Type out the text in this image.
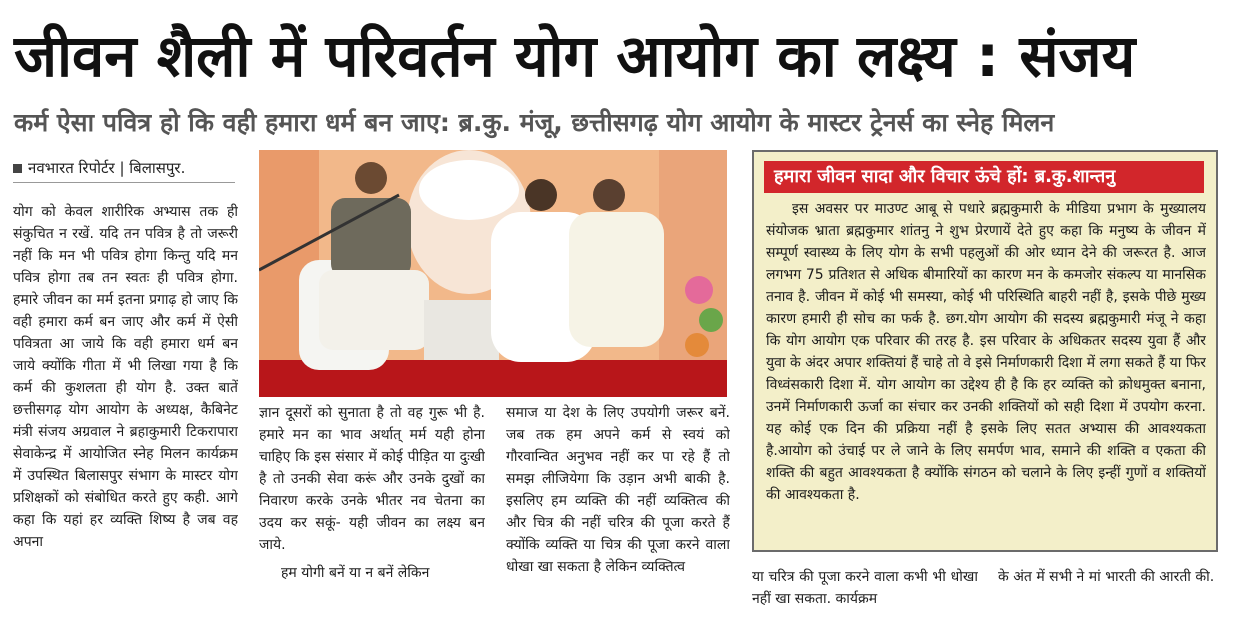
जीवन शैली में परिवर्तन योग आयोग का लक्ष्य : संजय
कर्म ऐसा पवित्र हो कि वही हमारा धर्म बन जाए: ब्र.कु. मंजू, छत्तीसगढ़ योग आयोग के मास्टर ट्रेनर्स का स्नेह मिलन
नवभारत रिपोर्टर | बिलासपुर.

योग को केवल शारीरिक अभ्यास तक ही संकुचित न रखें. यदि तन पवित्र है तो जरूरी नहीं कि मन भी पवित्र होगा किन्तु यदि मन पवित्र होगा तब तन स्वतः ही पवित्र होगा. हमारे जीवन का मर्म इतना प्रगाढ़ हो जाए कि वही हमारा कर्म बन जाए और कर्म में ऐसी पवित्रता आ जाये कि वही हमारा धर्म बन जाये क्योंकि गीता में भी लिखा गया है कि कर्म की कुशलता ही योग है. उक्त बातें छत्तीसगढ़ योग आयोग के अध्यक्ष, कैबिनेट मंत्री संजय अग्रवाल ने ब्रहाकुमारी टिकरापारा सेवाकेन्द्र में आयोजित स्नेह मिलन कार्यक्रम में उपस्थित बिलासपुर संभाग के मास्टर योग प्रशिक्षकों को संबोधित करते हुए कही. आगे कहा कि यहां हर व्यक्ति शिष्य है जब वह अपना

ज्ञान दूसरों को सुनाता है तो वह गुरू भी है. हमारे मन का भाव अर्थात् मर्म यही होना चाहिए कि इस संसार में कोई पीड़ित या दुःखी है तो उनकी सेवा करूं और उनके दुखों का निवारण करके उनके भीतर नव चेतना का उदय कर सकूं- यही जीवन का लक्ष्य बन जाये.

हम योगी बनें या न बनें लेकिन

समाज या देश के लिए उपयोगी जरूर बनें. जब तक हम अपने कर्म से स्वयं को गौरवान्वित अनुभव नहीं कर पा रहे हैं तो समझ लीजियेगा कि उड़ान अभी बाकी है. इसलिए हम व्यक्ति की नहीं व्यक्तित्व की और चित्र की नहीं चरित्र की पूजा करते हैं क्योंकि व्यक्ति या चित्र की पूजा करने वाला धोखा खा सकता है लेकिन व्यक्तित्व

हमारा जीवन सादा और विचार ऊंचे हों: ब्र.कु.शान्तनु

इस अवसर पर माउण्ट आबू से पधारे ब्रह्मकुमारी के मीडिया प्रभाग के मुख्यालय संयोजक भ्राता ब्रह्मकुमार शांतनु ने शुभ प्रेरणायें देते हुए कहा कि मनुष्य के जीवन में सम्पूर्ण स्वास्थ्य के लिए योग के सभी पहलुओं की ओर ध्यान देने की जरूरत है. आज लगभग 75 प्रतिशत से अधिक बीमारियों का कारण मन के कमजोर संकल्प या मानसिक तनाव है. जीवन में कोई भी समस्या, कोई भी परिस्थिति बाहरी नहीं है, इसके पीछे मुख्य कारण हमारी ही सोच का फर्क है. छग.योग आयोग की सदस्य ब्रह्मकुमारी मंजू ने कहा कि योग आयोग एक परिवार की तरह है. इस परिवार के अधिकतर सदस्य युवा हैं और युवा के अंदर अपार शक्तियां हैं चाहे तो वे इसे निर्माणकारी दिशा में लगा सकते हैं या फिर विध्वंसकारी दिशा में. योग आयोग का उद्देश्य ही है कि हर व्यक्ति को क्रोधमुक्त बनाना, उनमें निर्माणकारी ऊर्जा का संचार कर उनकी शक्तियों को सही दिशा में उपयोग करना. यह कोई एक दिन की प्रक्रिया नहीं है इसके लिए सतत अभ्यास की आवश्यकता है.आयोग को उंचाई पर ले जाने के लिए समर्पण भाव, समाने की शक्ति व एकता की शक्ति की बहुत आवश्यकता है क्योंकि संगठन को चलाने के लिए इन्हीं गुणों व शक्तियों की आवश्यकता है.

या चरित्र की पूजा करने वाला कभी भी धोखा नहीं खा सकता. कार्यक्रम

के अंत में सभी ने मां भारती की आरती की.
